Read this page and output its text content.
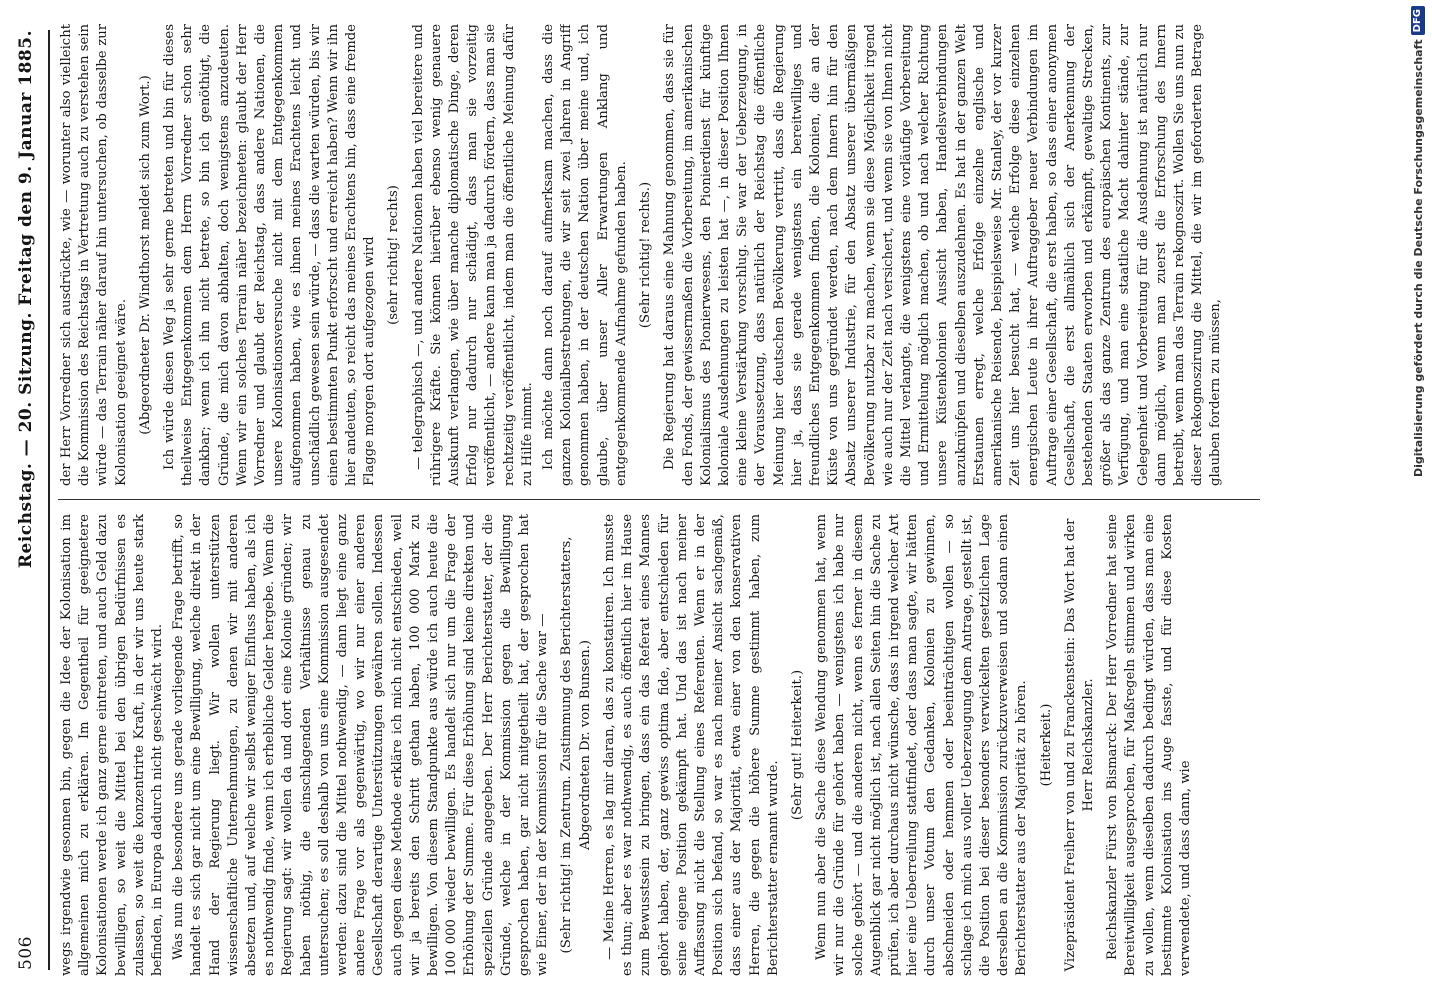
506
Reichstag. — 20. Sitzung. Freitag den 9. Januar 1885.

wegs irgendwie gesonnen bin, gegen die Idee der Kolonisation im allgemeinen mich zu erklären. Im Gegentheil für geeignetere Kolonisationen werde ich ganz gerne eintreten, und auch Geld dazu bewilligen, so weit die Mittel bei den übrigen Bedürfnissen es zulassen, so weit die konzentrirte Kraft, in der wir uns heute stark befinden, in Europa dadurch nicht geschwächt wird. Was nun die besondere uns gerade vorliegende Frage betrifft, so handelt es sich gar nicht um eine Bewilligung, welche direkt in der Hand der Regierung liegt. Wir wollen unterstützen wissenschaftliche Unternehmungen, zu denen wir mit anderen absetzen und, auf welche wir selbst weniger Einfluss haben, als ich es nothwendig finde, wenn ich erhebliche Gelder hergebe. Wenn die Regierung sagt: wir wollen da und dort eine Kolonie gründen; wir haben nöthig, die einschlagenden Verhältnisse genau zu untersuchen; es soll deshalb von uns eine Kommission ausgesendet werden: dazu sind die Mittel nothwendig, — dann liegt eine ganz andere Frage vor als gegenwärtig, wo wir nur einer anderen Gesellschaft derartige Unterstützungen gewähren sollen. Indessen auch gegen diese Methode erkläre ich mich nicht entschieden, weil wir ja bereits den Schritt gethan haben, 100 000 Mark zu bewilligen. Von diesem Standpunkte aus würde ich auch heute die 100 000 wieder bewilligen. Es handelt sich nur um die Frage der Erhöhung der Summe. Für diese Erhöhung sind keine direkten und speziellen Gründe angegeben. Der Herr Berichterstatter, der die Gründe, welche in der Kommission gegen die Bewilligung gesprochen haben, gar nicht mitgetheilt hat, der gesprochen hat wie Einer, der in der Kommission für die Sache war — (Sehr richtig! im Zentrum. Zustimmung des Berichterstatters, Abgeordneten Dr. von Bunsen.) — Meine Herren, es lag mir daran, das zu konstatiren. Ich musste es thun; aber es war nothwendig, es auch öffentlich hier im Hause zum Bewusstsein zu bringen, dass ein das Referat eines Mannes gehört haben, der, ganz gewiss optima fide, aber entschieden für seine eigene Position gekämpft hat. Und das ist nach meiner Auffassung nicht die Stellung eines Referenten. Wenn er in der Position sich befand, so war es nach meiner Ansicht sachgemäß, dass einer aus der Majorität, etwa einer von den konservativen Herren, die gegen die höhere Summe gestimmt haben, zum Berichterstatter ernannt wurde.

(Sehr gut! Heiterkeit.) Wenn nun aber die Sache diese Wendung genommen hat, wenn wir nur die Gründe für gehört haben — wenigstens ich habe nur solche gehört — und die anderen nicht, wenn es ferner in diesem Augenblick gar nicht möglich ist, nach allen Seiten hin die Sache zu prüfen, ich aber durchaus nicht wünsche, dass in irgend welcher Art hier eine Ueberreilung stattfindet, oder dass man sagte, wir hätten durch unser Votum den Gedanken, Kolonien zu gewinnen, abschneiden oder hemmen oder beeinträchtigen wollen — so schlage ich mich aus voller Ueberzeugung dem Antrage, gestellt ist, die Position bei dieser besonders verwickelten gesetzlichen Lage derselben an die Kommission zurückzuverweisen und sodann einen Berichterstatter aus der Majorität zu hören. (Heiterkeit.) Vizepräsident Freiherr von und zu Franckenstein: Das Wort hat der Herr Reichskanzler. Reichskanzler Fürst von Bismarck: Der Herr Vorredner hat seine Bereitwilligkeit ausgesprochen, für Maßregeln stimmen und wirken zu wollen, wenn dieselben dadurch bedingt würden, dass man eine bestimmte Kolonisation ins Auge fasste, und für diese Kosten verwendete, und dass dann, wie

der Herr Vorredner sich ausdrückte, wie — worunter also vielleicht die Kommission des Reichstags in Vertretung auch zu verstehen sein würde — das Terrain näher darauf hin untersuchen, ob dasselbe zur Kolonisation geeignet wäre. (Abgeordneter Dr. Windthorst meldet sich zum Wort.) Ich würde diesen Weg ja sehr gerne betreten und bin für dieses theilweise Entgegenkommen dem Herrn Vorredner schon sehr dankbar; wenn ich ihn nicht betrete, so bin ich genöthigt, die Gründe, die mich davon abhalten, doch wenigstens anzudeuten. Wenn wir ein solches Terrain näher bezeichneten: glaubt der Herr Vorredner und glaubt der Reichstag, dass andere Nationen, die unsere Kolonisationsversuche nicht mit dem Entgegenkommen aufgenommen haben, wie es ihnen meines Erachtens leicht und unschädlich gewesen sein würde, — dass die warten würden, bis wir einen bestimmten Punkt erforscht und erreicht haben? Wenn wir ihn hier andeuten, so reicht das meines Erachtens hin, dass eine fremde Flagge morgen dort aufgezogen wird (sehr richtig! rechts) — telegraphisch —, und andere Nationen haben viel bereitere und rührigere Kräfte. Sie können hierüber ebenso wenig genauere Auskunft verlangen, wie über manche diplomatische Dinge, deren Erfolg nur dadurch nur schädigt, dass man sie vorzeitig veröffentlicht, — andere kann man ja dadurch fördern, dass man sie rechtzeitig veröffentlicht, indem man die öffentliche Meinung dafür zu Hilfe nimmt. Ich möchte dann noch darauf aufmerksam machen, dass die ganzen Kolonialbestrebungen, die wir seit zwei Jahren in Angriff genommen haben, in der deutschen Nation über meine und, ich glaube, über unser Aller Erwartungen Anklang und entgegenkommende Aufnahme gefunden haben. (Sehr richtig! rechts.) Die Regierung hat daraus eine Mahnung genommen, dass sie für den Fonds, der gewissermaßen die Vorbereitung, im amerikanischen Kolonialismus des Pionierwesens, den Pionierdienst für künftige koloniale Ausdehnungen zu leisten hat —, in dieser Position Ihnen eine kleine Verstärkung vorschlug. Sie war der Ueberzeugung, in der Voraussetzung, dass natürlich der Reichstag die öffentliche Meinung hier deutschen Bevölkerung vertritt, dass die Regierung hier ja, dass sie gerade wenigstens ein bereitwilliges und freundliches Entgegenkommen finden, die Kolonien, die an der Küste von uns gegründet werden, nach dem Innern hin für den Absatz unserer Industrie, für den Absatz unserer übermäßigen Bevölkerung nutzbar zu machen, wenn sie diese Möglichkeit irgend wie auch nur der Zeit nach versichert, und wenn sie von Ihnen nicht die Mittel verlangte, die wenigstens eine vorläufige Vorbereitung und Ermittelung möglich machen, ob und nach welcher Richtung unsere Küstenkolonien Aussicht haben, Handelsverbindungen anzuknüpfen und dieselben auszudehnen. Es hat in der ganzen Welt Erstaunen erregt, welche Erfolge einzelne englische und amerikanische Reisende, beispielsweise Mr. Stanley, der vor kurzer Zeit uns hier besucht hat, — welche Erfolge diese einzelnen energischen Leute in ihrer Auftraggeber neuer Verbindungen im Auftrage einer Gesellschaft, die erst haben, so dass einer anonymen Gesellschaft, die erst allmählich sich der Anerkennung der bestehenden Staaten erworben und erkämpft, gewaltige Strecken, größer als das ganze Zentrum des europäischen Kontinents, zur Verfügung, und man eine staatliche Macht dahinter stände, zur Gelegenheit und Vorbereitung für die Ausdehnung ist natürlich nur dann möglich, wenn man zuerst die Erforschung des Innern betreibt, wenn man das Terrain rekognoszirt. Wollen Sie uns nun zu dieser Rekognoszirung die Mittel, die wir im geforderten Betrage glauben fordern zu müssen,	Digitalisierung gefördert durch die Deutsche Forschungsgemeinschaft
DFG
